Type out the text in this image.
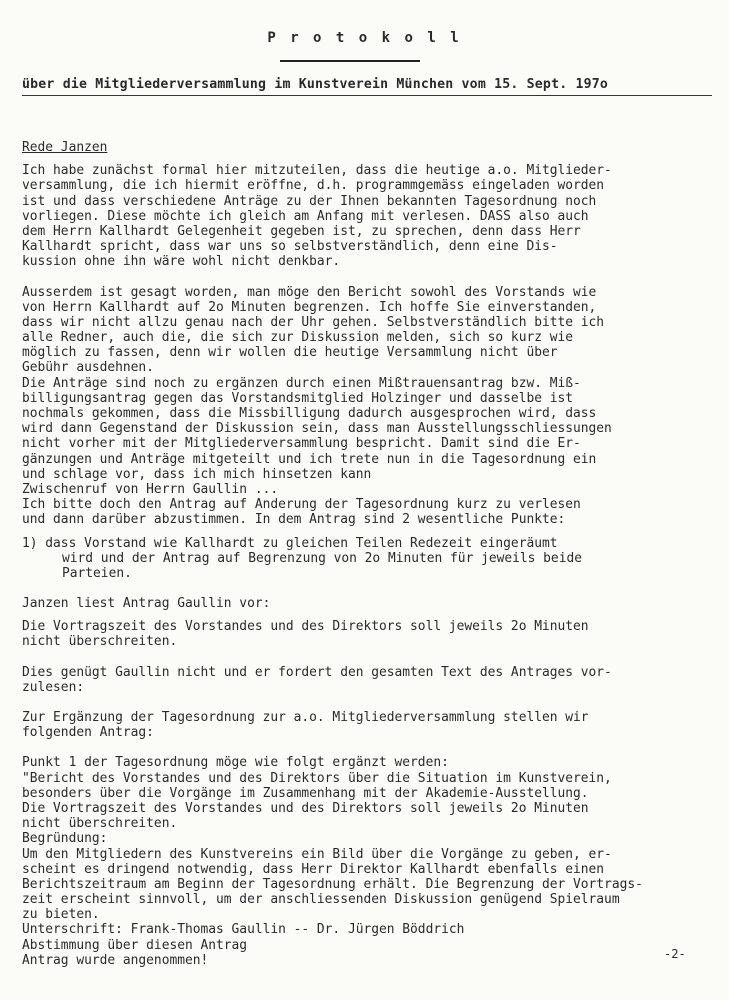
P r o t o k o l l
über die Mitgliederversammlung im Kunstverein München vom 15. Sept. 197o
Rede Janzen
Ich habe zunächst formal hier mitzuteilen, dass die heutige a.o. Mitglieder-
versammlung, die ich hiermit eröffne, d.h. programmgemäss eingeladen worden
ist und dass verschiedene Anträge zu der Ihnen bekannten Tagesordnung noch
vorliegen. Diese möchte ich gleich am Anfang mit verlesen. DASS also auch
dem Herrn Kallhardt Gelegenheit gegeben ist, zu sprechen, denn dass Herr
Kallhardt spricht, dass war uns so selbstverständlich, denn eine Dis-
kussion ohne ihn wäre wohl nicht denkbar.
Ausserdem ist gesagt worden, man möge den Bericht sowohl des Vorstands wie
von Herrn Kallhardt auf 2o Minuten begrenzen. Ich hoffe Sie einverstanden,
dass wir nicht allzu genau nach der Uhr gehen. Selbstverständlich bitte ich
alle Redner, auch die, die sich zur Diskussion melden, sich so kurz wie
möglich zu fassen, denn wir wollen die heutige Versammlung nicht über
Gebühr ausdehnen.
Die Anträge sind noch zu ergänzen durch einen Mißtrauensantrag bzw. Miß-
billigungsantrag gegen das Vorstandsmitglied Holzinger und dasselbe ist
nochmals gekommen, dass die Missbilligung dadurch ausgesprochen wird, dass
wird dann Gegenstand der Diskussion sein, dass man Ausstellungsschliessungen
nicht vorher mit der Mitgliederversammlung bespricht. Damit sind die Er-
gänzungen und Anträge mitgeteilt und ich trete nun in die Tagesordnung ein
und schlage vor, dass ich mich hinsetzen kann
Zwischenruf von Herrn Gaullin ...
Ich bitte doch den Antrag auf Änderung der Tagesordnung kurz zu verlesen
und dann darüber abzustimmen. In dem Antrag sind 2 wesentliche Punkte:
1) dass Vorstand wie Kallhardt zu gleichen Teilen Redezeit eingeräumt
wird und der Antrag auf Begrenzung von 2o Minuten für jeweils beide
Parteien.
Janzen liest Antrag Gaullin vor:
Die Vortragszeit des Vorstandes und des Direktors soll jeweils 2o Minuten
nicht überschreiten.
Dies genügt Gaullin nicht und er fordert den gesamten Text des Antrages vor-
zulesen:
Zur Ergänzung der Tagesordnung zur a.o. Mitgliederversammlung stellen wir
folgenden Antrag:
Punkt 1 der Tagesordnung möge wie folgt ergänzt werden:
"Bericht des Vorstandes und des Direktors über die Situation im Kunstverein,
besonders über die Vorgänge im Zusammenhang mit der Akademie-Ausstellung.
Die Vortragszeit des Vorstandes und des Direktors soll jeweils 2o Minuten
nicht überschreiten.
Begründung:
Um den Mitgliedern des Kunstvereins ein Bild über die Vorgänge zu geben, er-
scheint es dringend notwendig, dass Herr Direktor Kallhardt ebenfalls einen
Berichtszeitraum am Beginn der Tagesordnung erhält. Die Begrenzung der Vortrags-
zeit erscheint sinnvoll, um der anschliessenden Diskussion genügend Spielraum
zu bieten.
Unterschrift: Frank-Thomas Gaullin -- Dr. Jürgen Böddrich
Abstimmung über diesen Antrag
Antrag wurde angenommen!	-2-
